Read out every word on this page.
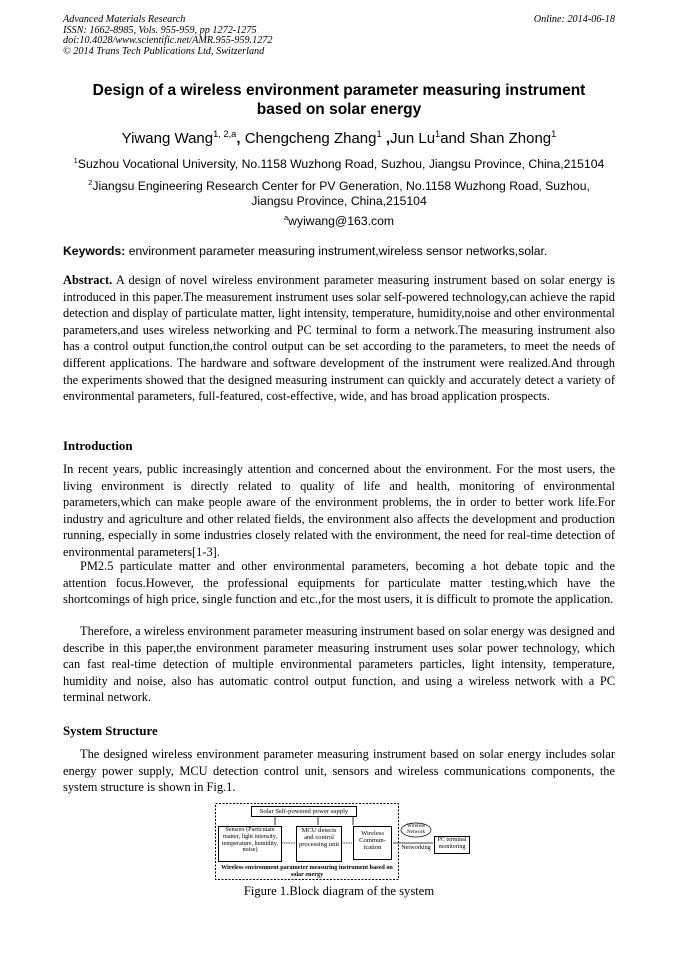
Advanced Materials Research
ISSN: 1662-8985, Vols. 955-959, pp 1272-1275
doi:10.4028/www.scientific.net/AMR.955-959.1272
© 2014 Trans Tech Publications Ltd, Switzerland
Online: 2014-06-18
Design of a wireless environment parameter measuring instrument
based on solar energy
Yiwang Wang$^{1, 2,a}$, Chengcheng Zhang$^1$ ,Jun Lu$^1$and Shan Zhong$^1$
$^1$Suzhou Vocational University, No.1158 Wuzhong Road, Suzhou, Jiangsu Province, China,215104
$^2$Jiangsu Engineering Research Center for PV Generation, No.1158 Wuzhong Road, Suzhou,
Jiangsu Province, China,215104
$^a$wyiwang@163.com
Keywords: environment parameter measuring instrument,wireless sensor networks,solar.
Abstract. A design of novel wireless environment parameter measuring instrument based on solar energy is introduced in this paper.The measurement instrument uses solar self-powered technology,can achieve the rapid detection and display of particulate matter, light intensity, temperature, humidity,noise and other environmental parameters,and uses wireless networking and PC terminal to form a network.The measuring instrument also has a control output function,the control output can be set according to the parameters, to meet the needs of different applications. The hardware and software development of the instrument were realized.And through the experiments showed that the designed measuring instrument can quickly and accurately detect a variety of environmental parameters, full-featured, cost-effective, wide, and has broad application prospects.
Introduction
In recent years, public increasingly attention and concerned about the environment. For the most users, the living environment is directly related to quality of life and health, monitoring of environmental parameters,which can make people aware of the environment problems, the in order to better work life.For industry and agriculture and other related fields, the environment also affects the development and production running, especially in some industries closely related with the environment, the need for real-time detection of environmental parameters[1-3].
PM2.5 particulate matter and other environmental parameters, becoming a hot debate topic and the attention focus.However, the professional equipments for particulate matter testing,which have the shortcomings of high price, single function and etc.,for the most users, it is difficult to promote the application.
Therefore, a wireless environment parameter measuring instrument based on solar energy was designed and describe in this paper,the environment parameter measuring instrument uses solar power technology, which can fast real-time detection of multiple environmental parameters particles, light intensity, temperature, humidity and noise, also has automatic control output function, and using a wireless network with a PC terminal network.
System Structure
The designed wireless environment parameter measuring instrument based on solar energy includes solar energy power supply, MCU detection control unit, sensors and wireless communications components, the system structure is shown in Fig.1.
Solar Self-powered power supply
Sensors (Particulate matter, light intensity, temperature, humidity, noise)
MCU detects and control processing unit
Wireless Commun-ication
Wireless Network
Networking
PC terminal monitoring
Wireless environment parameter measuring instrument based on solar energy
Figure 1.Block diagram of the system
